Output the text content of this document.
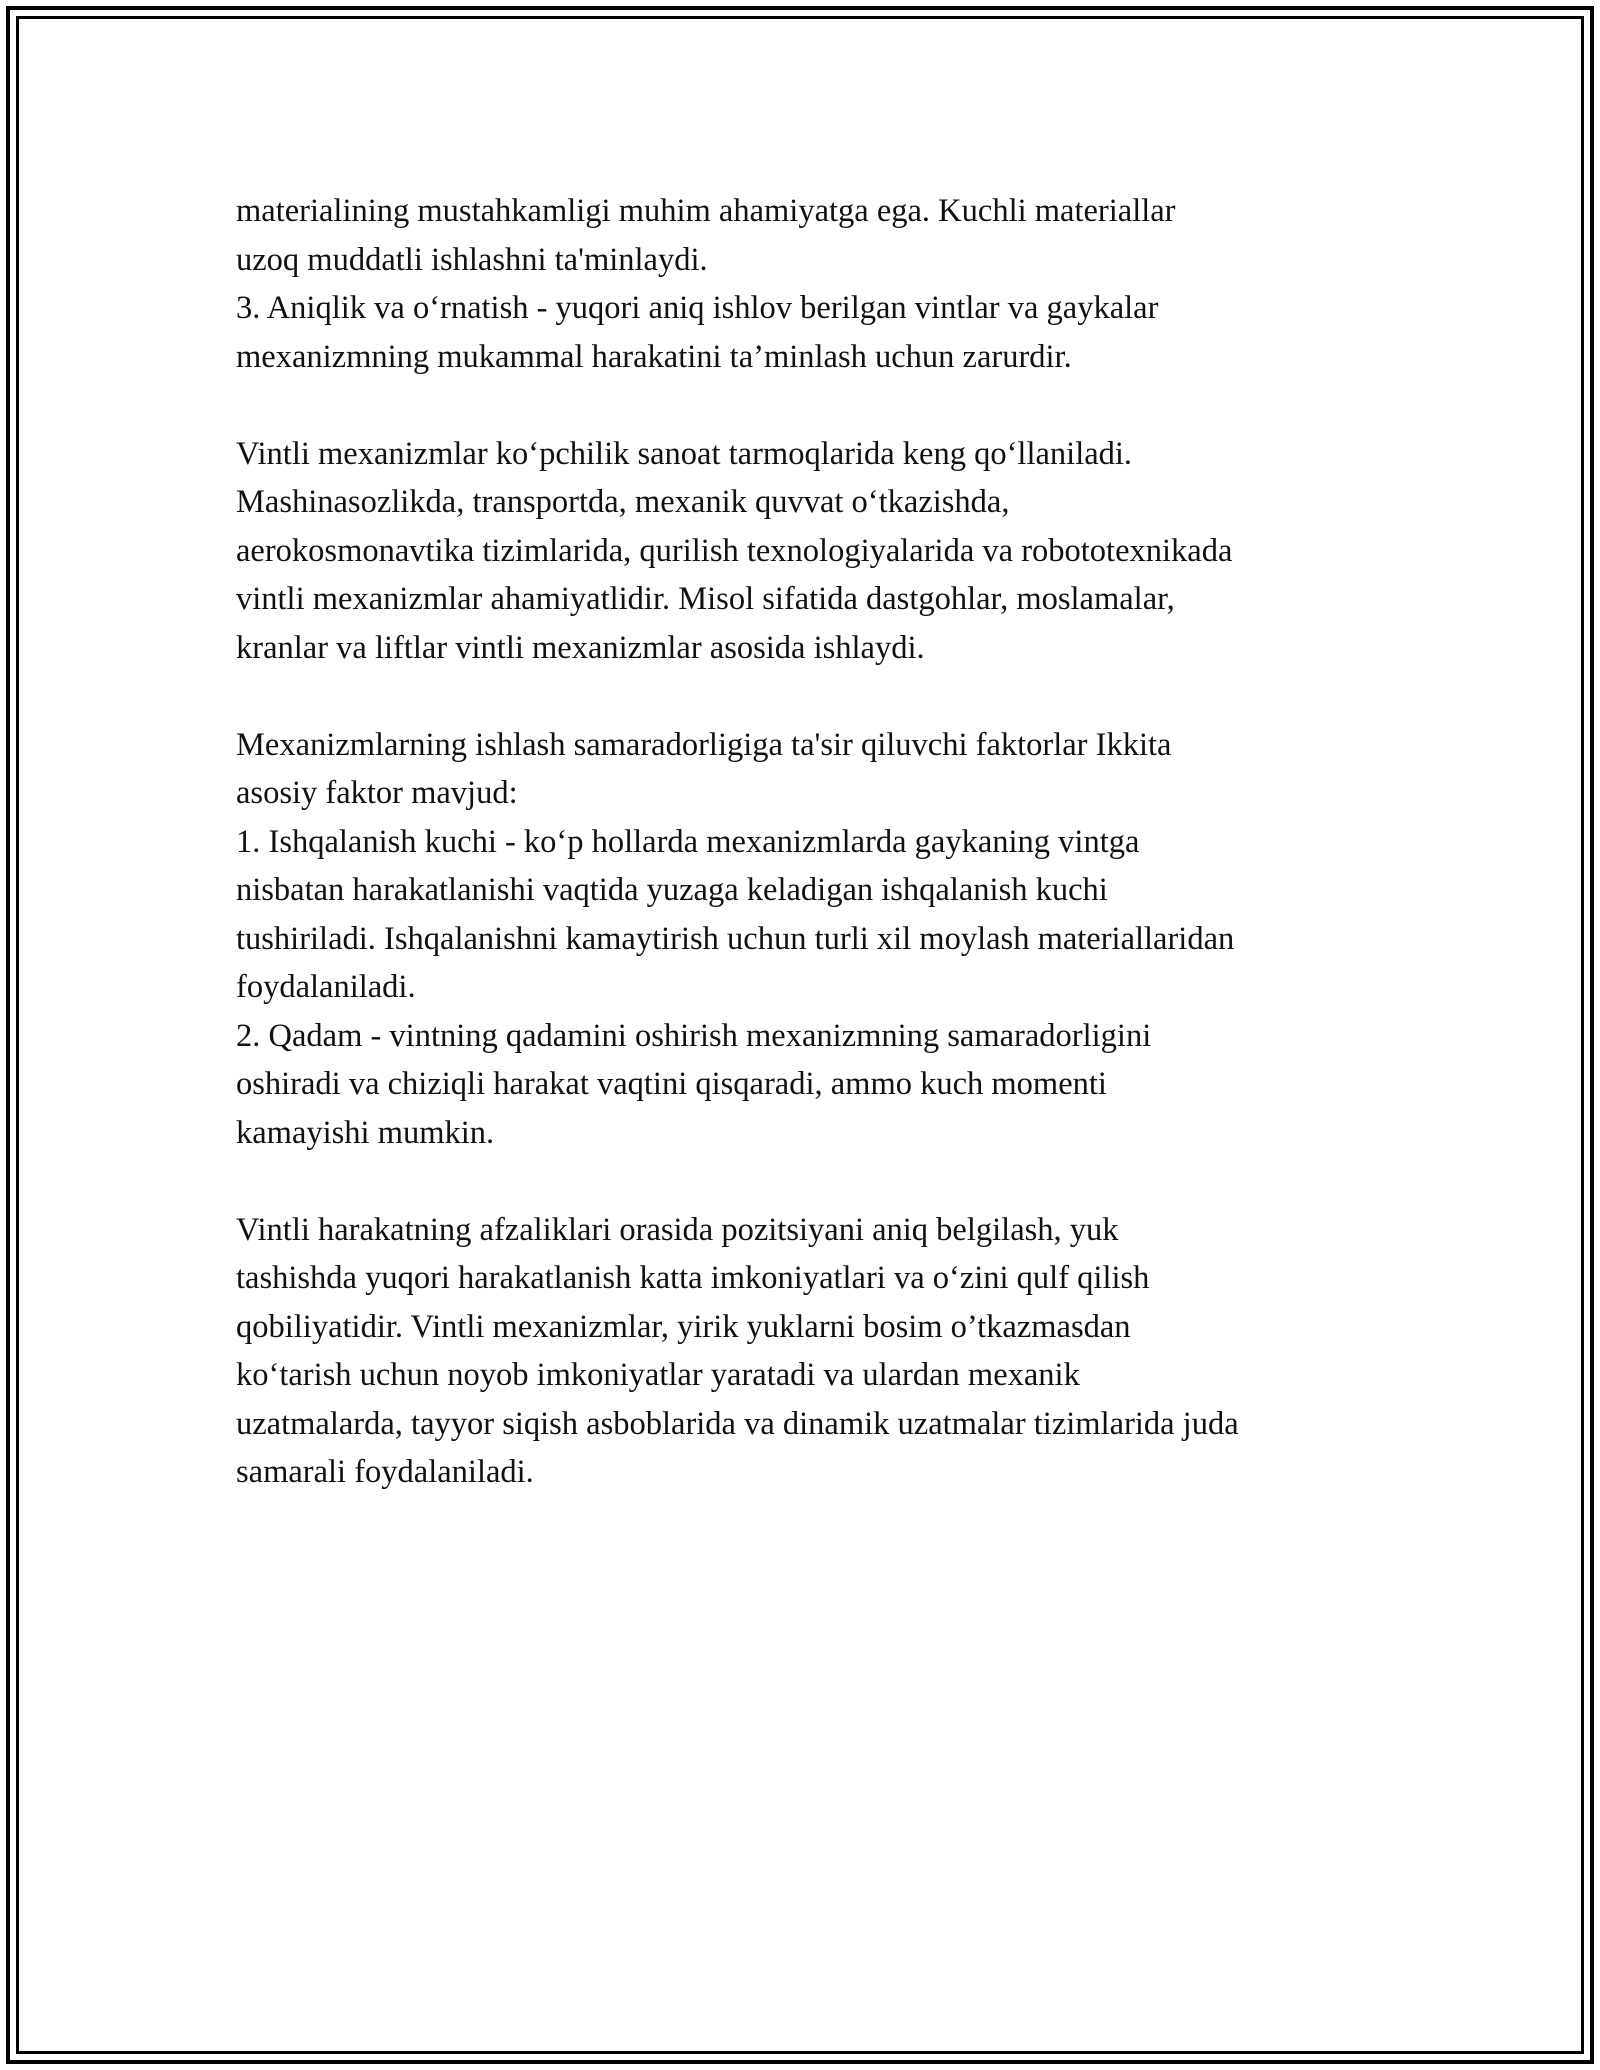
materialining mustahkamligi muhim ahamiyatga ega. Kuchli materiallar
uzoq muddatli ishlashni ta'minlaydi.
3. Aniqlik va o‘rnatish - yuqori aniq ishlov berilgan vintlar va gaykalar
mexanizmning mukammal harakatini ta’minlash uchun zarurdir.

Vintli mexanizmlar ko‘pchilik sanoat tarmoqlarida keng qo‘llaniladi.
Mashinasozlikda, transportda, mexanik quvvat o‘tkazishda,
aerokosmonavtika tizimlarida, qurilish texnologiyalarida va robototexnikada
vintli mexanizmlar ahamiyatlidir. Misol sifatida dastgohlar, moslamalar,
kranlar va liftlar vintli mexanizmlar asosida ishlaydi.

Mexanizmlarning ishlash samaradorligiga ta'sir qiluvchi faktorlar Ikkita
asosiy faktor mavjud:
1. Ishqalanish kuchi - ko‘p hollarda mexanizmlarda gaykaning vintga
nisbatan harakatlanishi vaqtida yuzaga keladigan ishqalanish kuchi
tushiriladi. Ishqalanishni kamaytirish uchun turli xil moylash materiallaridan
foydalaniladi.
2. Qadam - vintning qadamini oshirish mexanizmning samaradorligini
oshiradi va chiziqli harakat vaqtini qisqaradi, ammo kuch momenti
kamayishi mumkin.

Vintli harakatning afzaliklari orasida pozitsiyani aniq belgilash, yuk
tashishda yuqori harakatlanish katta imkoniyatlari va o‘zini qulf qilish
qobiliyatidir. Vintli mexanizmlar, yirik yuklarni bosim o’tkazmasdan
ko‘tarish uchun noyob imkoniyatlar yaratadi va ulardan mexanik
uzatmalarda, tayyor siqish asboblarida va dinamik uzatmalar tizimlarida juda
samarali foydalaniladi.
